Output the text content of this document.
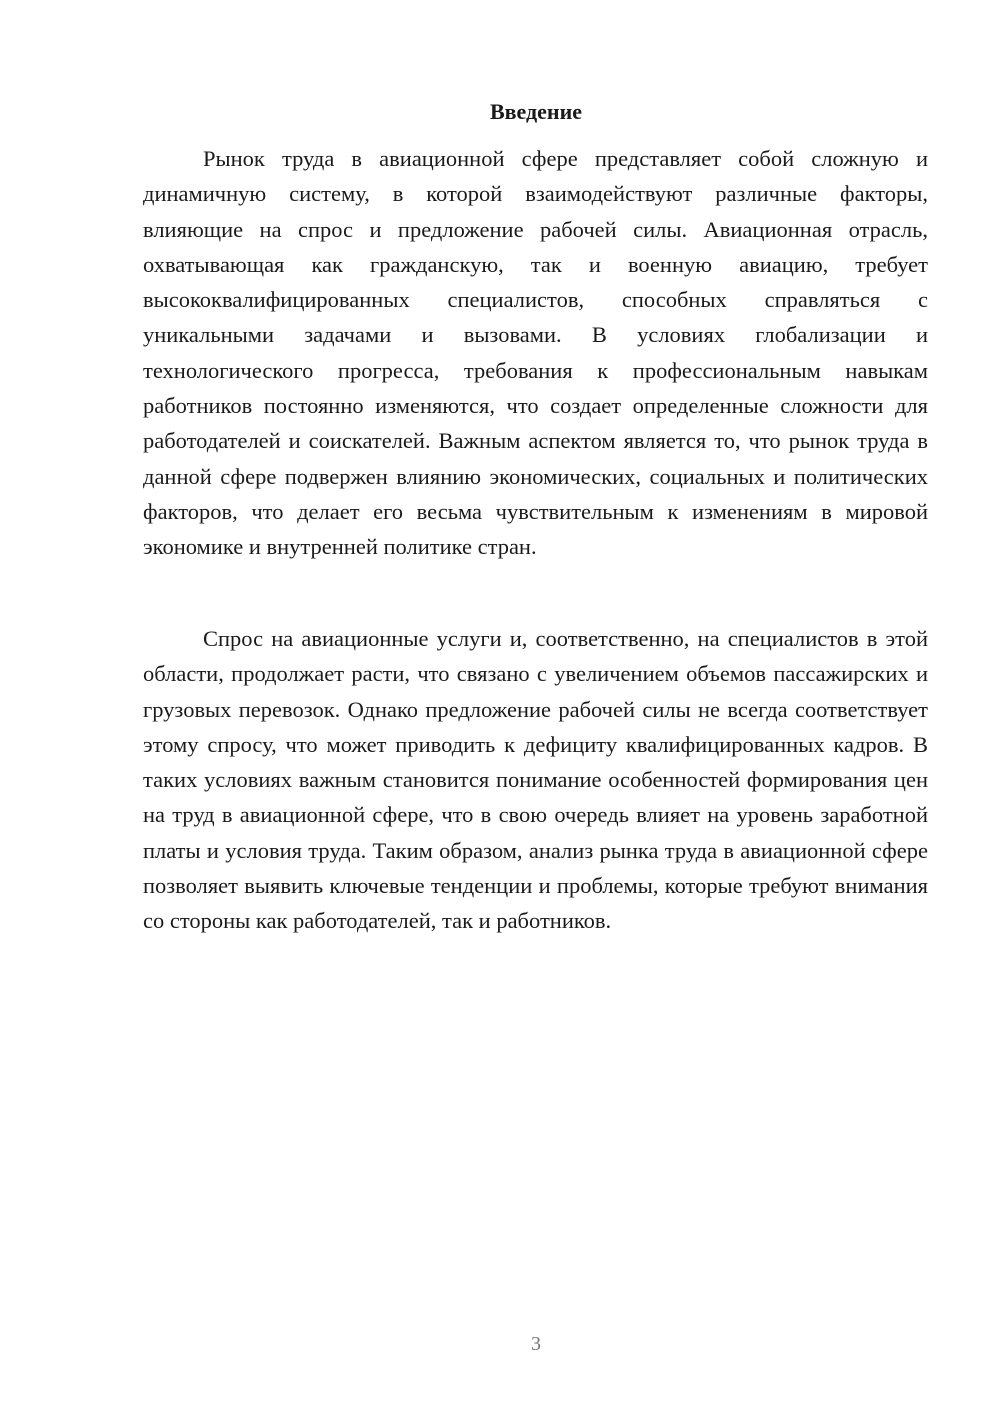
Введение

Рынок труда в авиационной сфере представляет собой сложную и динамичную систему, в которой взаимодействуют различные факторы, влияющие на спрос и предложение рабочей силы. Авиационная отрасль, охватывающая как гражданскую, так и военную авиацию, требует высококвалифицированных специалистов, способных справляться с уникальными задачами и вызовами. В условиях глобализации и технологического прогресса, требования к профессиональным навыкам работников постоянно изменяются, что создает определенные сложности для работодателей и соискателей. Важным аспектом является то, что рынок труда в данной сфере подвержен влиянию экономических, социальных и политических факторов, что делает его весьма чувствительным к изменениям в мировой экономике и внутренней политике стран.

Спрос на авиационные услуги и, соответственно, на специалистов в этой области, продолжает расти, что связано с увеличением объемов пассажирских и грузовых перевозок. Однако предложение рабочей силы не всегда соответствует этому спросу, что может приводить к дефициту квалифицированных кадров. В таких условиях важным становится понимание особенностей формирования цен на труд в авиационной сфере, что в свою очередь влияет на уровень заработной платы и условия труда. Таким образом, анализ рынка труда в авиационной сфере позволяет выявить ключевые тенденции и проблемы, которые требуют внимания со стороны как работодателей, так и работников.

3
